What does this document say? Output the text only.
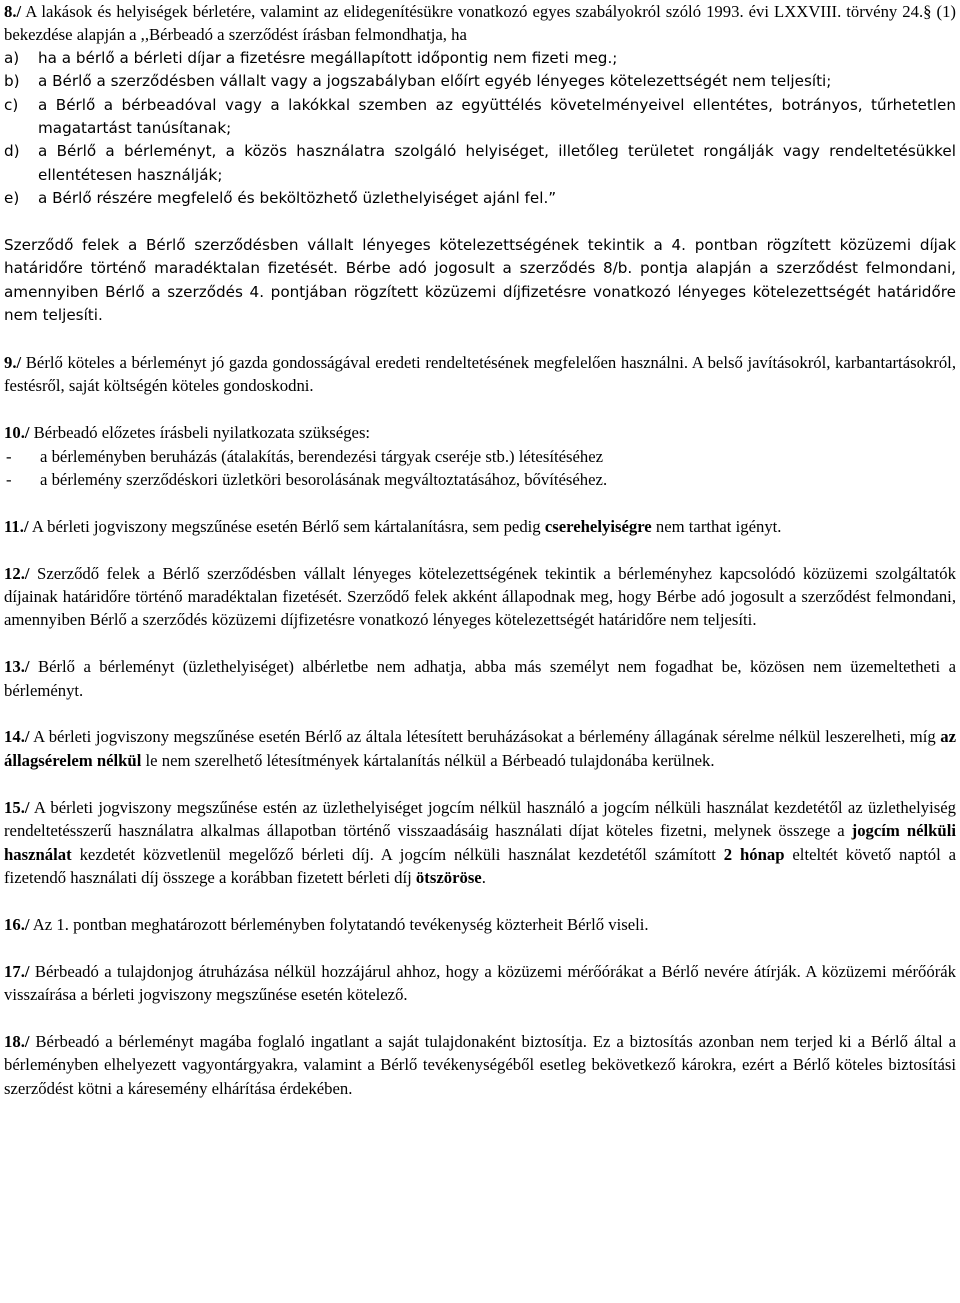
8./ A lakások és helyiségek bérletére, valamint az elidegenítésükre vonatkozó egyes szabályokról szóló 1993. évi LXXVIII. törvény 24.§ (1) bekezdése alapján a ,,Bérbeadó a szerződést írásban felmondhatja, ha

a)	ha a bérlő a bérleti díjar a fizetésre megállapított időpontig nem fizeti meg.;
b)	a Bérlő a szerződésben vállalt vagy a jogszabályban előírt egyéb lényeges kötelezettségét nem teljesíti;
c)	a Bérlő a bérbeadóval vagy a lakókkal szemben az együttélés követelményeivel ellentétes, botrányos, tűrhetetlen magatartást tanúsítanak;
d)	a Bérlő a bérleményt, a közös használatra szolgáló helyiséget, illetőleg területet rongálják vagy rendeltetésükkel ellentétesen használják;
e)	a Bérlő részére megfelelő és beköltözhető üzlethelyiséget ajánl fel.”

Szerződő felek a Bérlő szerződésben vállalt lényeges kötelezettségének tekintik a 4. pontban rögzített közüzemi díjak határidőre történő maradéktalan fizetését. Bérbe adó jogosult a szerződés 8/b. pontja alapján a szerződést felmondani, amennyiben Bérlő a szerződés 4. pontjában rögzített közüzemi díjfizetésre vonatkozó lényeges kötelezettségét határidőre nem teljesíti.

9./ Bérlő köteles a bérleményt jó gazda gondosságával eredeti rendeltetésének megfelelően használni. A belső javításokról, karbantartásokról, festésről, saját költségén köteles gondoskodni.

10./ Bérbeadó előzetes írásbeli nyilatkozata szükséges:

-	a bérleményben beruházás (átalakítás, berendezési tárgyak cseréje stb.) létesítéséhez
-	a bérlemény szerződéskori üzletköri besorolásának megváltoztatásához, bővítéséhez.

11./ A bérleti jogviszony megszűnése esetén Bérlő sem kártalanításra, sem pedig cserehelyiségre nem tarthat igényt.

12./ Szerződő felek a Bérlő szerződésben vállalt lényeges kötelezettségének tekintik a bérleményhez kapcsolódó közüzemi szolgáltatók díjainak határidőre történő maradéktalan fizetését. Szerződő felek akként állapodnak meg, hogy Bérbe adó jogosult a szerződést felmondani, amennyiben Bérlő a szerződés közüzemi díjfizetésre vonatkozó lényeges kötelezettségét határidőre nem teljesíti.

13./ Bérlő a bérleményt (üzlethelyiséget) albérletbe nem adhatja, abba más személyt nem fogadhat be, közösen nem üzemeltetheti a bérleményt.

14./ A bérleti jogviszony megszűnése esetén Bérlő az általa létesített beruházásokat a bérlemény állagának sérelme nélkül leszerelheti, míg az állagsérelem nélkül le nem szerelhető létesítmények kártalanítás nélkül a Bérbeadó tulajdonába kerülnek.

15./ A bérleti jogviszony megszűnése estén az üzlethelyiséget jogcím nélkül használó a jogcím nélküli használat kezdetétől az üzlethelyiség rendeltetésszerű használatra alkalmas állapotban történő visszaadásáig használati díjat köteles fizetni, melynek összege a jogcím nélküli használat kezdetét közvetlenül megelőző bérleti díj. A jogcím nélküli használat kezdetétől számított 2 hónap elteltét követő naptól a fizetendő használati díj összege a korábban fizetett bérleti díj ötszöröse.

16./ Az 1. pontban meghatározott bérleményben folytatandó tevékenység közterheit Bérlő viseli.

17./ Bérbeadó a tulajdonjog átruházása nélkül hozzájárul ahhoz, hogy a közüzemi mérőórákat a Bérlő nevére átírják. A közüzemi mérőórák visszaírása a bérleti jogviszony megszűnése esetén kötelező.

18./ Bérbeadó a bérleményt magába foglaló ingatlant a saját tulajdonaként biztosítja. Ez a biztosítás azonban nem terjed ki a Bérlő által a bérleményben elhelyezett vagyontárgyakra, valamint a Bérlő tevékenységéből esetleg bekövetkező károkra, ezért a Bérlő köteles biztosítási szerződést kötni a káresemény elhárítása érdekében.
